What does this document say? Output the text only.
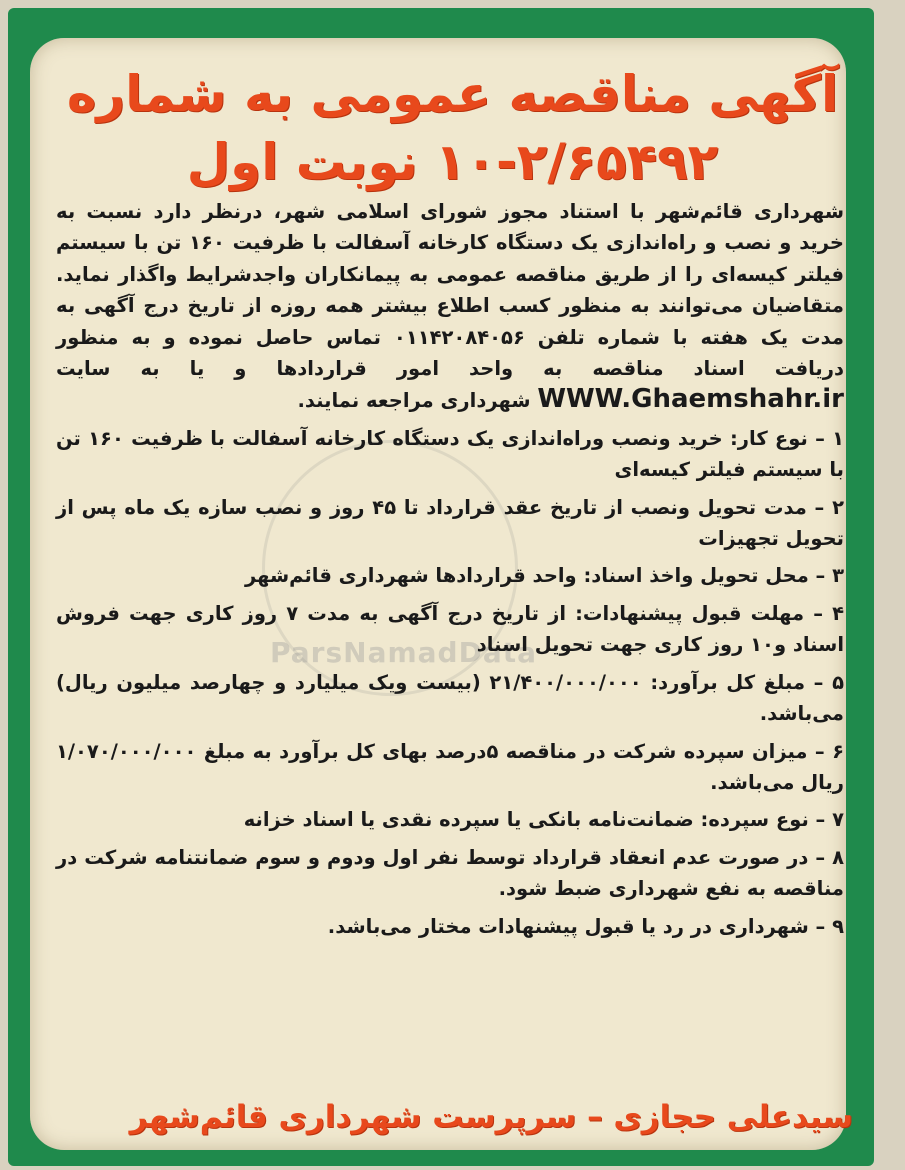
ParsNamadData
آگهی مناقصه عمومی به شماره
۱۰-۲/۶۵۴۹۲ نوبت اول

شهرداری قائم‌شهر با استناد مجوز شورای اسلامی شهر، درنظر دارد نسبت به خرید و نصب و راه‌اندازی یک دستگاه کارخانه آسفالت با ظرفیت ۱۶۰ تن با سیستم فیلتر کیسه‌ای را از طریق مناقصه عمومی به پیمانکاران واجدشرایط واگذار نماید. متقاضیان می‌توانند به منظور کسب اطلاع بیشتر همه روزه از تاریخ درج آگهی به مدت یک هفته با شماره تلفن ۰۱۱۴۲۰۸۴۰۵۶ تماس حاصل نموده و به منظور دریافت اسناد مناقصه به واحد امور قراردادها و یا به سایت WWW.Ghaemshahr.ir شهرداری مراجعه نمایند.

۱ – نوع کار: خرید ونصب وراه‌اندازی یک دستگاه کارخانه آسفالت با ظرفیت ۱۶۰ تن با سیستم فیلتر کیسه‌ای

۲ – مدت تحویل ونصب از تاریخ عقد قرارداد تا ۴۵ روز و نصب سازه یک ماه پس از تحویل تجهیزات

۳ – محل تحویل واخذ اسناد: واحد قراردادها شهرداری قائم‌شهر

۴ – مهلت قبول پیشنهادات: از تاریخ درج آگهی به مدت ۷ روز کاری جهت فروش اسناد و۱۰ روز کاری جهت تحویل اسناد

۵ – مبلغ کل برآورد: ۲۱/۴۰۰/۰۰۰/۰۰۰ (بیست ویک میلیارد و چهارصد میلیون ریال) می‌باشد.

۶ – میزان سپرده شرکت در مناقصه ۵درصد بهای کل برآورد به مبلغ ۱/۰۷۰/۰۰۰/۰۰۰ ریال می‌باشد.

۷ – نوع سپرده: ضمانت‌نامه بانکی یا سپرده نقدی یا اسناد خزانه

۸ – در صورت عدم انعقاد قرارداد توسط نفر اول ودوم و سوم ضمانتنامه شرکت در مناقصه به نفع شهرداری ضبط شود.

۹ – شهرداری در رد یا قبول پیشنهادات مختار می‌باشد.

سیدعلی حجازی – سرپرست شهرداری قائم‌شهر
